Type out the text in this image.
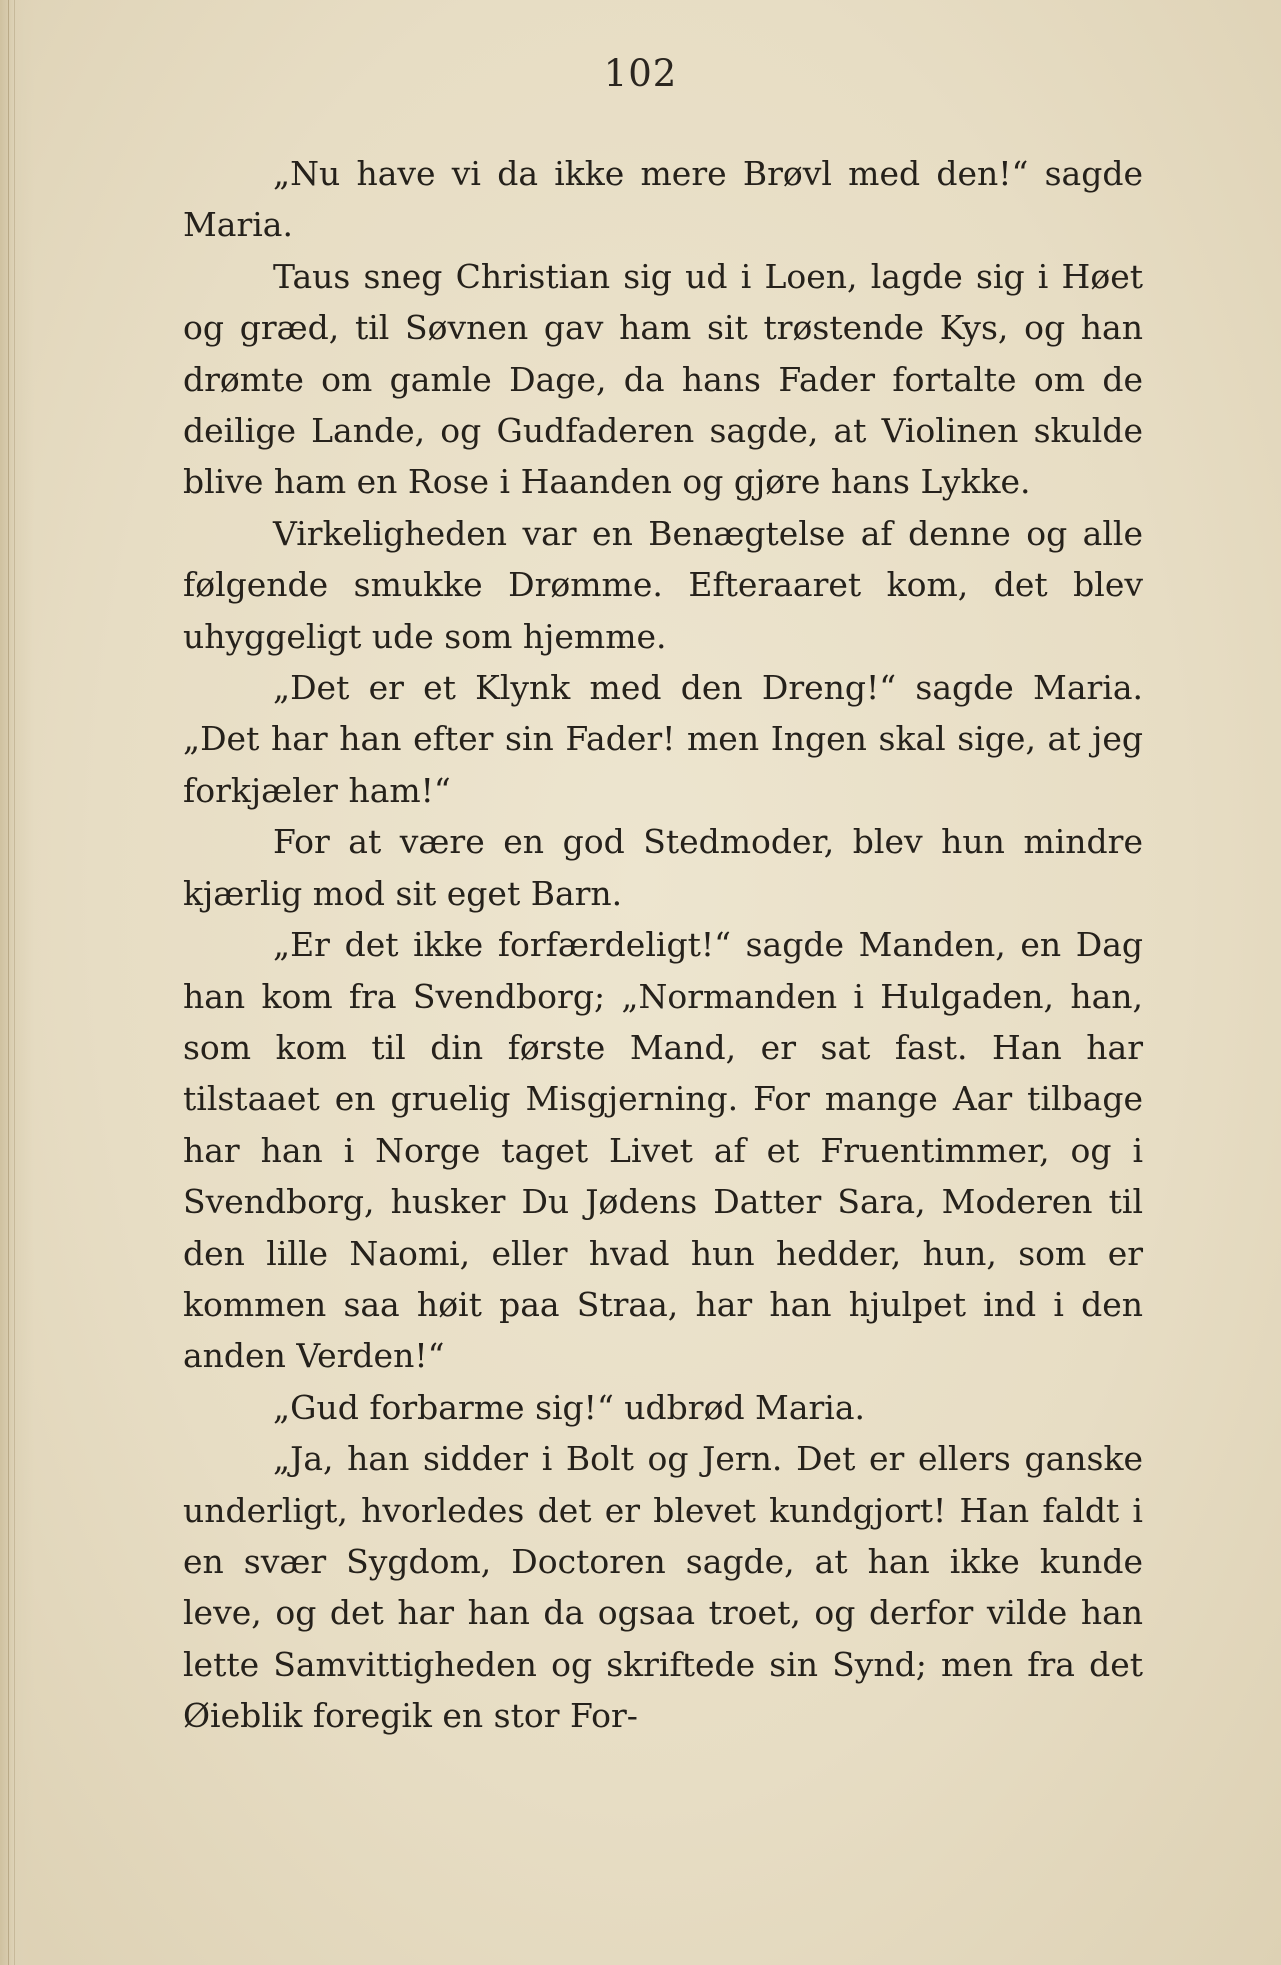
102

„Nu have vi da ikke mere Brøvl med den!“ sagde Maria.

Taus sneg Christian sig ud i Loen, lagde sig i Høet og græd, til Søvnen gav ham sit trøstende Kys, og han drømte om gamle Dage, da hans Fader fortalte om de deilige Lande, og Gudfaderen sagde, at Violinen skulde blive ham en Rose i Haanden og gjøre hans Lykke.

Virkeligheden var en Benægtelse af denne og alle følgende smukke Drømme. Efteraaret kom, det blev uhyggeligt ude som hjemme.

„Det er et Klynk med den Dreng!“ sagde Maria. „Det har han efter sin Fader! men Ingen skal sige, at jeg forkjæler ham!“

For at være en god Stedmoder, blev hun mindre kjærlig mod sit eget Barn.

„Er det ikke forfærdeligt!“ sagde Manden, en Dag han kom fra Svendborg; „Normanden i Hulgaden, han, som kom til din første Mand, er sat fast. Han har tilstaaet en gruelig Misgjerning. For mange Aar tilbage har han i Norge taget Livet af et Fruentimmer, og i Svendborg, husker Du Jødens Datter Sara, Moderen til den lille Naomi, eller hvad hun hedder, hun, som er kommen saa høit paa Straa, har han hjulpet ind i den anden Verden!“

„Gud forbarme sig!“ udbrød Maria.

„Ja, han sidder i Bolt og Jern. Det er ellers ganske underligt, hvorledes det er blevet kundgjort! Han faldt i en svær Sygdom, Doctoren sagde, at han ikke kunde leve, og det har han da ogsaa troet, og derfor vilde han lette Samvittigheden og skriftede sin Synd; men fra det Øieblik foregik en stor For-
